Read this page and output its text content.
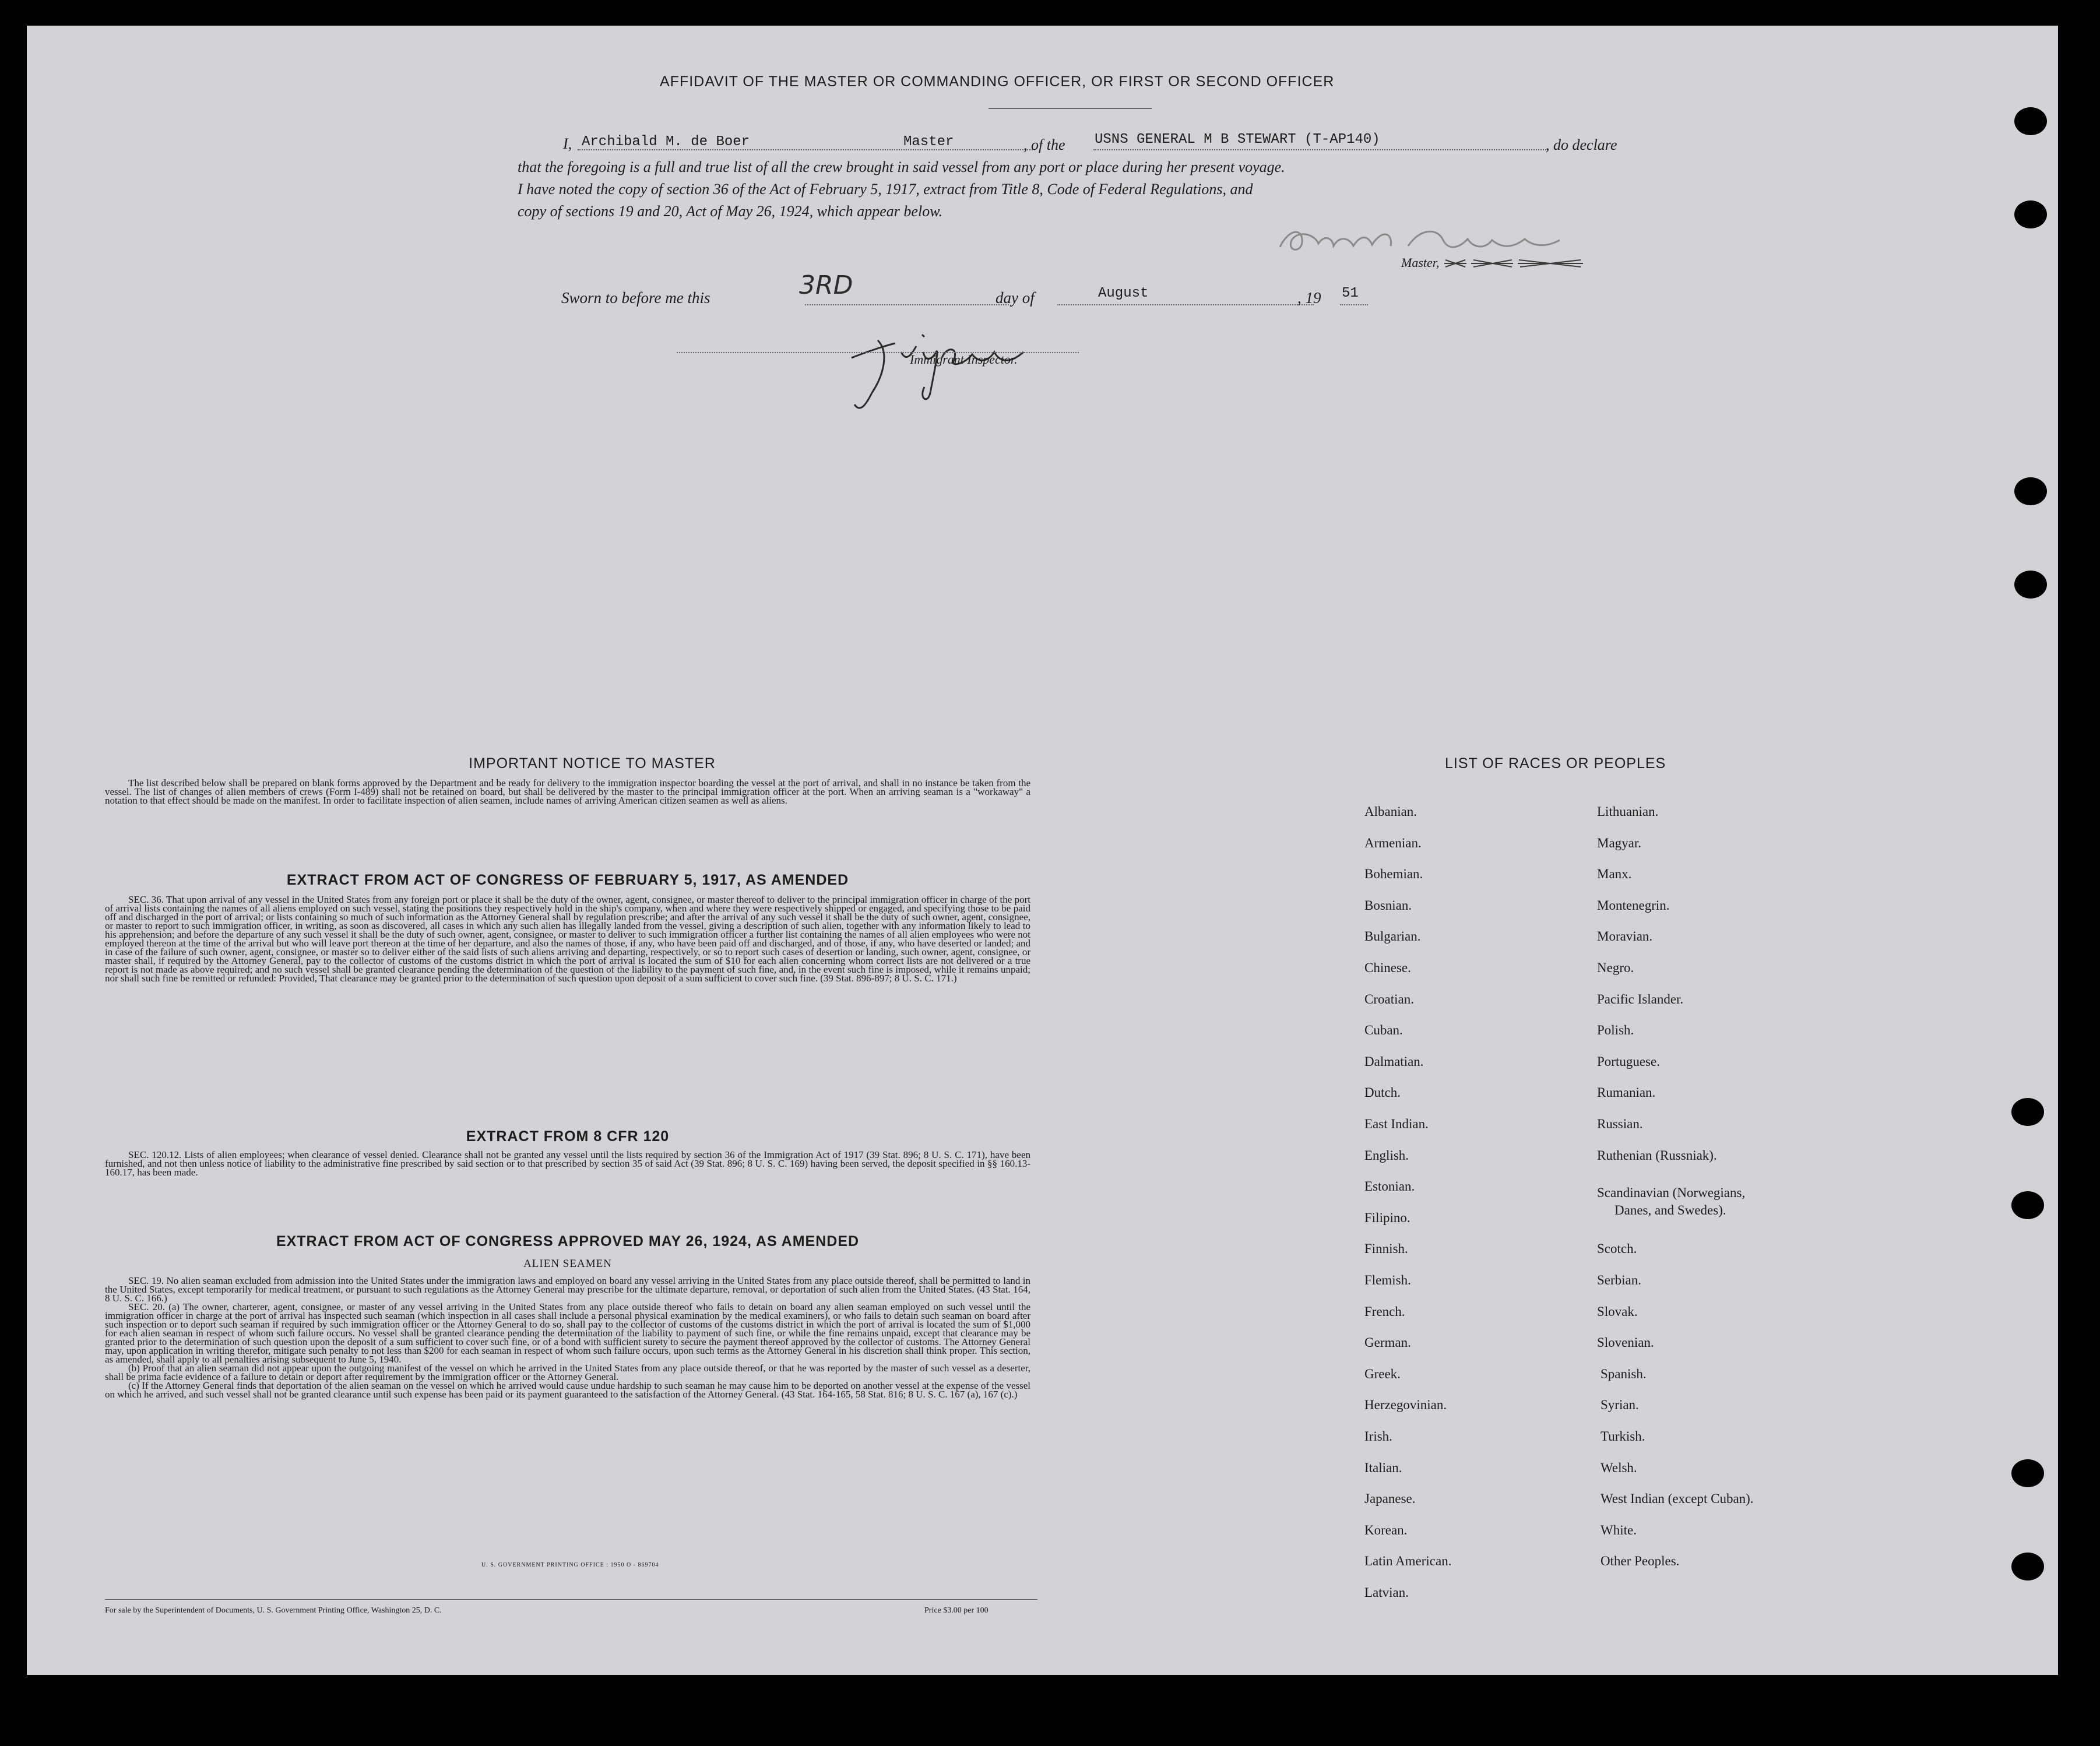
AFFIDAVIT OF THE MASTER OR COMMANDING OFFICER, OR FIRST OR SECOND OFFICER
I, Archibald M. de Boer	Master	, of the USNS GENERAL M B STEWART (T-AP140)	, do declare
that the foregoing is a full and true list of all the crew brought in said vessel from any port or place during her present voyage.
I have noted the copy of section 36 of the Act of February 5, 1917, extract from Title 8, Code of Federal Regulations, and
copy of sections 19 and 20, Act of May 26, 1924, which appear below.
Master,
Sworn to before me this	3RD	day of	August	, 19 51
Immigrant Inspector.
IMPORTANT NOTICE TO MASTER

The list described below shall be prepared on blank forms approved by the Department and be ready for delivery to the immigration inspector boarding the vessel at the port of arrival, and shall in no instance be taken from the vessel. The list of changes of alien members of crews (Form I-489) shall not be retained on board, but shall be delivered by the master to the principal immigration officer at the port. When an arriving seaman is a "workaway" a notation to that effect should be made on the manifest. In order to facilitate inspection of alien seamen, include names of arriving American citizen seamen as well as aliens.

EXTRACT FROM ACT OF CONGRESS OF FEBRUARY 5, 1917, AS AMENDED

SEC. 36. That upon arrival of any vessel in the United States from any foreign port or place it shall be the duty of the owner, agent, consignee, or master thereof to deliver to the principal immigration officer in charge of the port of arrival lists containing the names of all aliens employed on such vessel, stating the positions they respectively hold in the ship's company, when and where they were respectively shipped or engaged, and specifying those to be paid off and discharged in the port of arrival; or lists containing so much of such information as the Attorney General shall by regulation prescribe; and after the arrival of any such vessel it shall be the duty of such owner, agent, consignee, or master to report to such immigration officer, in writing, as soon as discovered, all cases in which any such alien has illegally landed from the vessel, giving a description of such alien, together with any information likely to lead to his apprehension; and before the departure of any such vessel it shall be the duty of such owner, agent, consignee, or master to deliver to such immigration officer a further list containing the names of all alien employees who were not employed thereon at the time of the arrival but who will leave port thereon at the time of her departure, and also the names of those, if any, who have been paid off and discharged, and of those, if any, who have deserted or landed; and in case of the failure of such owner, agent, consignee, or master so to deliver either of the said lists of such aliens arriving and departing, respectively, or so to report such cases of desertion or landing, such owner, agent, consignee, or master shall, if required by the Attorney General, pay to the collector of customs of the customs district in which the port of arrival is located the sum of $10 for each alien concerning whom correct lists are not delivered or a true report is not made as above required; and no such vessel shall be granted clearance pending the determination of the question of the liability to the payment of such fine, and, in the event such fine is imposed, while it remains unpaid; nor shall such fine be remitted or refunded: Provided, That clearance may be granted prior to the determination of such question upon deposit of a sum sufficient to cover such fine. (39 Stat. 896-897; 8 U. S. C. 171.)

EXTRACT FROM 8 CFR 120

SEC. 120.12. Lists of alien employees; when clearance of vessel denied. Clearance shall not be granted any vessel until the lists required by section 36 of the Immigration Act of 1917 (39 Stat. 896; 8 U. S. C. 171), have been furnished, and not then unless notice of liability to the administrative fine prescribed by said section or to that prescribed by section 35 of said Act (39 Stat. 896; 8 U. S. C. 169) having been served, the deposit specified in §§ 160.13-160.17, has been made.

EXTRACT FROM ACT OF CONGRESS APPROVED MAY 26, 1924, AS AMENDED
ALIEN SEAMEN

SEC. 19. No alien seaman excluded from admission into the United States under the immigration laws and employed on board any vessel arriving in the United States from any place outside thereof, shall be permitted to land in the United States, except temporarily for medical treatment, or pursuant to such regulations as the Attorney General may prescribe for the ultimate departure, removal, or deportation of such alien from the United States. (43 Stat. 164, 8 U. S. C. 166.)

SEC. 20. (a) The owner, charterer, agent, consignee, or master of any vessel arriving in the United States from any place outside thereof who fails to detain on board any alien seaman employed on such vessel until the immigration officer in charge at the port of arrival has inspected such seaman (which inspection in all cases shall include a personal physical examination by the medical examiners), or who fails to detain such seaman on board after such inspection or to deport such seaman if required by such immigration officer or the Attorney General to do so, shall pay to the collector of customs of the customs district in which the port of arrival is located the sum of $1,000 for each alien seaman in respect of whom such failure occurs. No vessel shall be granted clearance pending the determination of the liability to payment of such fine, or while the fine remains unpaid, except that clearance may be granted prior to the determination of such question upon the deposit of a sum sufficient to cover such fine, or of a bond with sufficient surety to secure the payment thereof approved by the collector of customs. The Attorney General may, upon application in writing therefor, mitigate such penalty to not less than $200 for each seaman in respect of whom such failure occurs, upon such terms as the Attorney General in his discretion shall think proper. This section, as amended, shall apply to all penalties arising subsequent to June 5, 1940.

(b) Proof that an alien seaman did not appear upon the outgoing manifest of the vessel on which he arrived in the United States from any place outside thereof, or that he was reported by the master of such vessel as a deserter, shall be prima facie evidence of a failure to detain or deport after requirement by the immigration officer or the Attorney General.

(c) If the Attorney General finds that deportation of the alien seaman on the vessel on which he arrived would cause undue hardship to such seaman he may cause him to be deported on another vessel at the expense of the vessel on which he arrived, and such vessel shall not be granted clearance until such expense has been paid or its payment guaranteed to the satisfaction of the Attorney General. (43 Stat. 164-165, 58 Stat. 816; 8 U. S. C. 167 (a), 167 (c).)

U. S. GOVERNMENT PRINTING OFFICE : 1950 O - 869704
For sale by the Superintendent of Documents, U. S. Government Printing Office, Washington 25, D. C.	Price $3.00 per 100
LIST OF RACES OR PEOPLES
Albanian.
Armenian.
Bohemian.
Bosnian.
Bulgarian.
Chinese.
Croatian.
Cuban.
Dalmatian.
Dutch.
East Indian.
English.
Estonian.
Filipino.
Finnish.
Flemish.
French.
German.
Greek.
Herzegovinian.
Irish.
Italian.
Japanese.
Korean.
Latin American.
Latvian.
Lithuanian.
Magyar.
Manx.
Montenegrin.
Moravian.
Negro.
Pacific Islander.
Polish.
Portuguese.
Rumanian.
Russian.
Ruthenian (Russniak).
Scandinavian (Norwegians,
Danes, and Swedes).
Scotch.
Serbian.
Slovak.
Slovenian.
Spanish.
Syrian.
Turkish.
Welsh.
West Indian (except Cuban).
White.
Other Peoples.
